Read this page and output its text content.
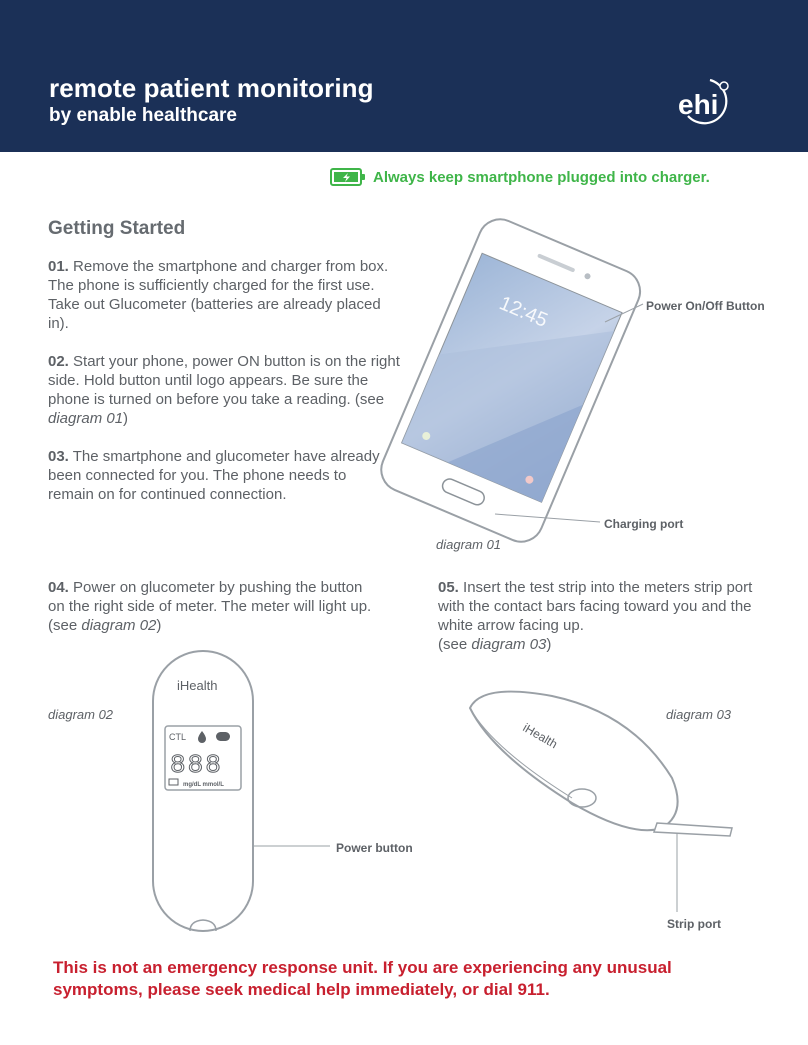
remote patient monitoring
by enable healthcare	ehi
Always keep smartphone plugged into charger.
Getting Started
01. Remove the smartphone and charger from box. The phone is sufficiently charged for the first use. Take out Glucometer (batteries are already placed in).
02. Start your phone, power ON button is on the right side. Hold button until logo appears. Be sure the phone is turned on before you take a reading. (see diagram 01)
03. The smartphone and glucometer have already been connected for you. The phone needs to remain on for continued connection.
12:45	Power On/Off Button
Charging port
diagram 01
04. Power on glucometer by pushing the button on the right side of meter. The meter will light up. (see diagram 02)
05. Insert the test strip into the meters strip port with the contact bars facing toward you and the white arrow facing up.
(see diagram 03)
diagram 02
iHealth
CTL
888
mg/dL mmol/L
Power button
diagram 03
iHealth
Strip port
This is not an emergency response unit. If you are experiencing any unusual symptoms, please seek medical help immediately, or dial 911.
